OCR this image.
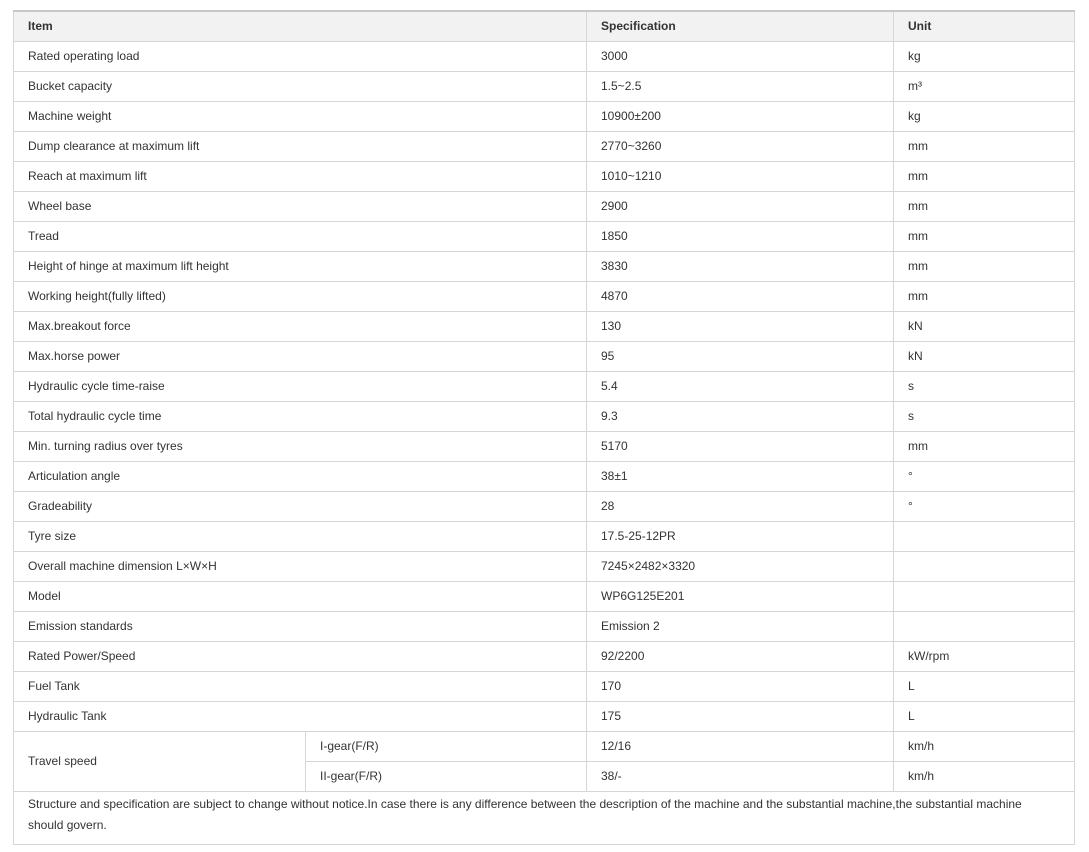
Item		Specification	Unit
Rated operating load		3000	kg
Bucket capacity		1.5~2.5	m³
Machine weight		10900±200	kg
Dump clearance at maximum lift		2770~3260	mm
Reach at maximum lift		1010~1210	mm
Wheel base		2900	mm
Tread		1850	mm
Height of hinge at maximum lift height		3830	mm
Working height(fully lifted)		4870	mm
Max.breakout force		130	kN
Max.horse power		95	kN
Hydraulic cycle time-raise		5.4	s
Total hydraulic cycle time		9.3	s
Min. turning radius over tyres		5170	mm
Articulation angle		38±1	°
Gradeability		28	°
Tyre size		17.5-25-12PR	
Overall machine dimension L×W×H		7245×2482×3320	
Model		WP6G125E201	
Emission standards		Emission 2	
Rated Power/Speed		92/2200	kW/rpm
Fuel Tank		170	L
Hydraulic Tank		175	L
Travel speed	I-gear(F/R)	12/16	km/h
	II-gear(F/R)	38/-	km/h
Structure and specification are subject to change without notice.In case there is any difference between the description of the machine and the substantial machine,the substantial machine should govern.			
